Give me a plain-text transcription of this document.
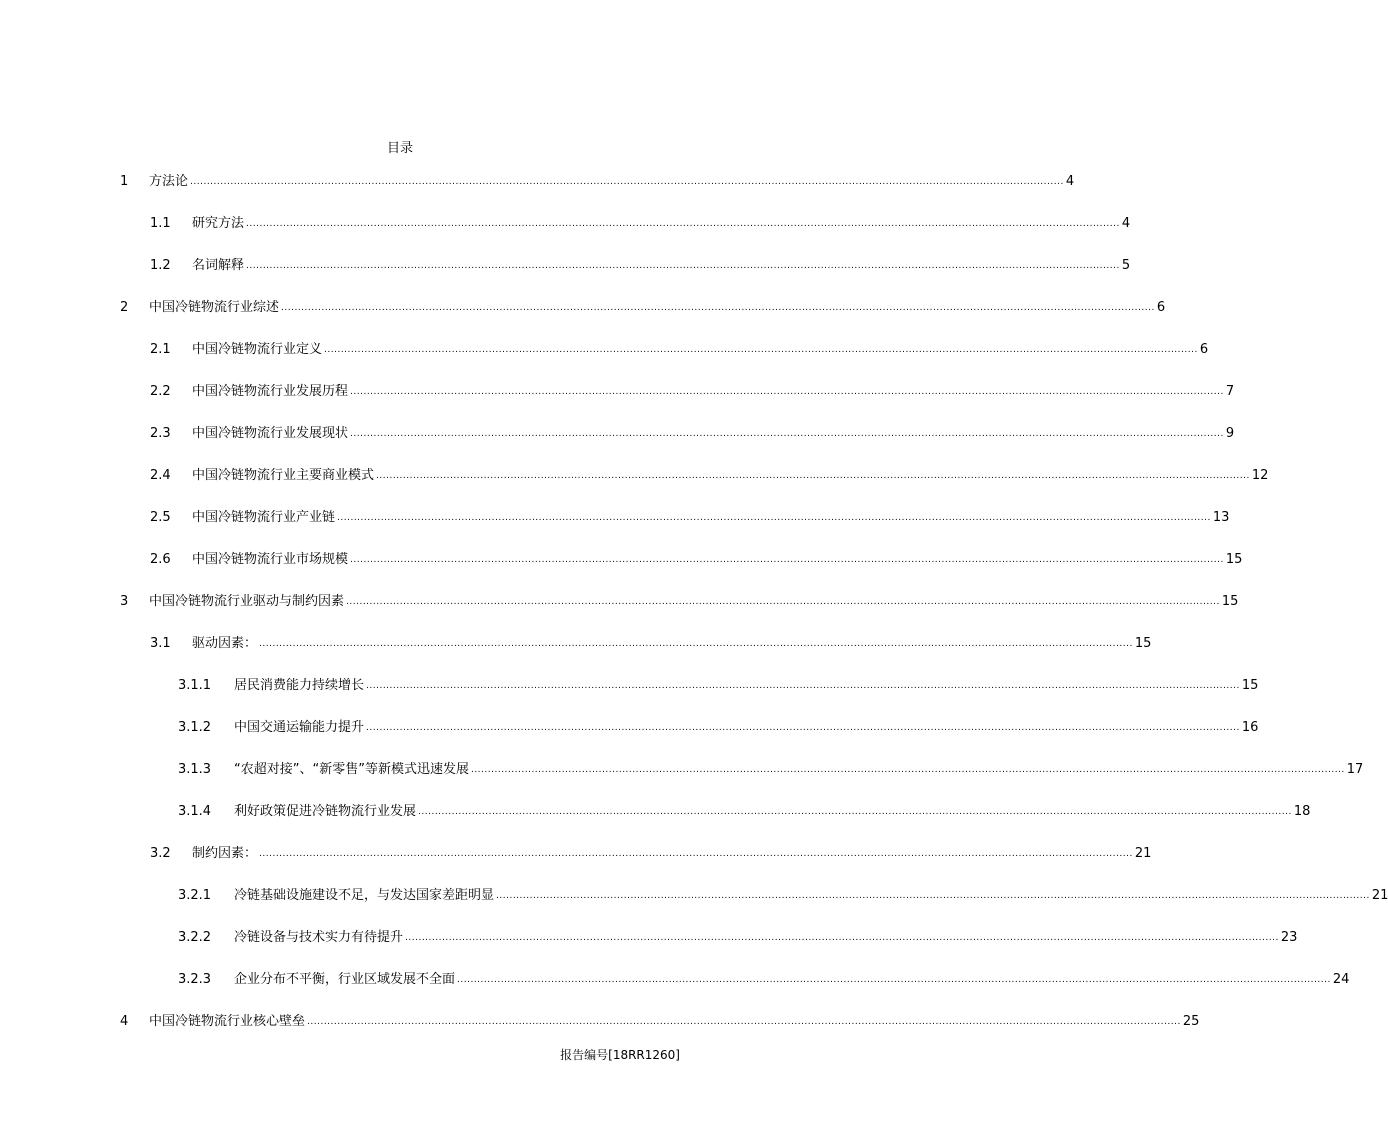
目录
1	方法论 .................................................................................................................................................................................................................................................................... 4
1.1	研究方法 .................................................................................................................................................................................................................................................................... 4
1.2	名词解释 .................................................................................................................................................................................................................................................................... 5
2	中国冷链物流行业综述 .................................................................................................................................................................................................................................................................... 6
2.1	中国冷链物流行业定义 .................................................................................................................................................................................................................................................................... 6
2.2	中国冷链物流行业发展历程 .................................................................................................................................................................................................................................................................... 7
2.3	中国冷链物流行业发展现状 .................................................................................................................................................................................................................................................................... 9
2.4	中国冷链物流行业主要商业模式 .................................................................................................................................................................................................................................................................... 12
2.5	中国冷链物流行业产业链 .................................................................................................................................................................................................................................................................... 13
2.6	中国冷链物流行业市场规模 .................................................................................................................................................................................................................................................................... 15
3	中国冷链物流行业驱动与制约因素 .................................................................................................................................................................................................................................................................... 15
3.1	驱动因素： .................................................................................................................................................................................................................................................................... 15
3.1.1	居民消费能力持续增长 .................................................................................................................................................................................................................................................................... 15
3.1.2	中国交通运输能力提升 .................................................................................................................................................................................................................................................................... 16
3.1.3	“农超对接”、“新零售”等新模式迅速发展 .................................................................................................................................................................................................................................................................... 17
3.1.4	利好政策促进冷链物流行业发展 .................................................................................................................................................................................................................................................................... 18
3.2	制约因素： .................................................................................................................................................................................................................................................................... 21
3.2.1	冷链基础设施建设不足，与发达国家差距明显 .................................................................................................................................................................................................................................................................... 21
3.2.2	冷链设备与技术实力有待提升 .................................................................................................................................................................................................................................................................... 23
3.2.3	企业分布不平衡，行业区域发展不全面 .................................................................................................................................................................................................................................................................... 24
4	中国冷链物流行业核心壁垒 .................................................................................................................................................................................................................................................................... 25
报告编号[18RR1260]
